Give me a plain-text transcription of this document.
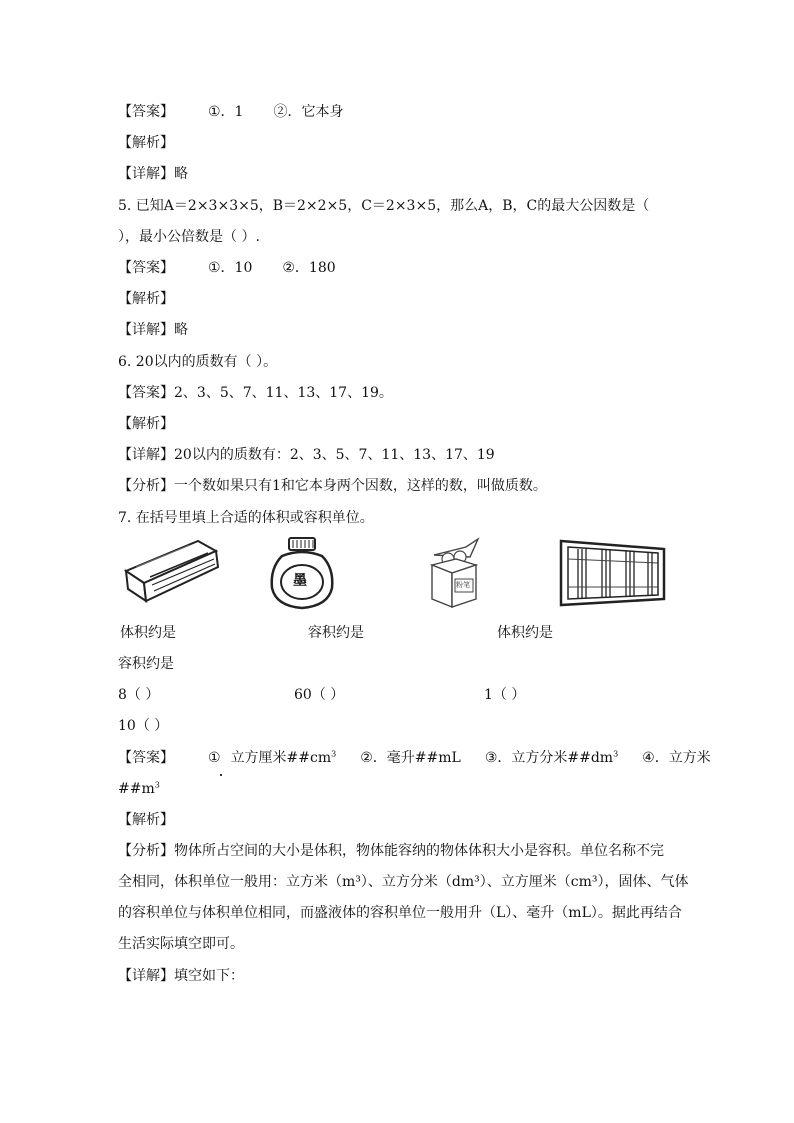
【答案】 ①．1 ②．它本身
【解析】
【详解】略
5. 已知A＝2×3×3×5，B＝2×2×5，C＝2×3×5，那么A，B，C的最大公因数是（
），最小公倍数是（ ）.
【答案】 ①．10 ②．180
【解析】
【详解】略
6. 20以内的质数有（ ）。
【答案】2、3、5、7、11、13、17、19。
【解析】
【详解】20以内的质数有：2、3、5、7、11、13、17、19
【分析】一个数如果只有1和它本身两个因数，这样的数，叫做质数。
7. 在括号里填上合适的体积或容积单位。
墨	粉笔
体积约是	容积约是	体积约是
容积约是
8（ ）	60（ ）	1（ ）
10（ ）
【答案】 ① 立方厘米$\#\#cm^3$ ②．毫升##mL ③．立方分米$\#\#dm^3$ ④．立方米
$\#\#m^3$
【解析】
【分析】物体所占空间的大小是体积，物体能容纳的物体体积大小是容积。单位名称不完
全相同，体积单位一般用：立方米（m³）、立方分米（dm³）、立方厘米（cm³），固体、气体
的容积单位与体积单位相同，而盛液体的容积单位一般用升（L）、毫升（mL）。据此再结合
生活实际填空即可。
【详解】填空如下：
